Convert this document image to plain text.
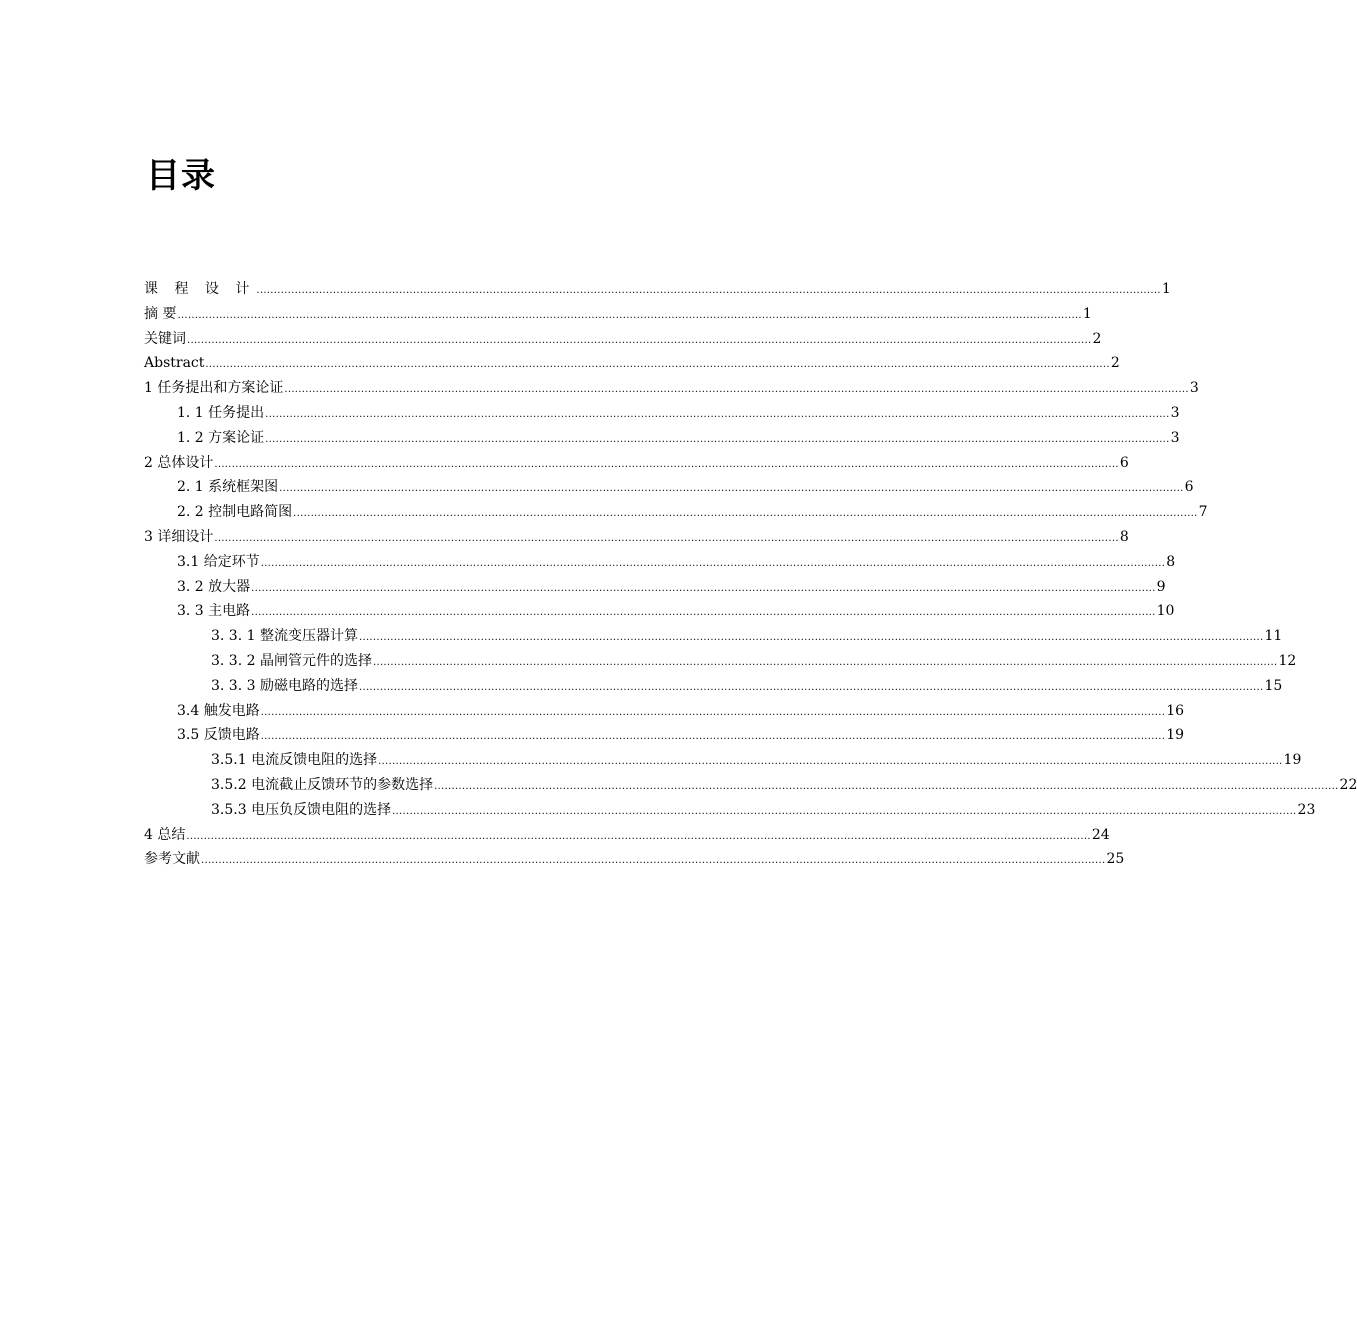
目录
课 程 设 计 .................................................................................................................................................................................................................................................................... 1
摘 要 .................................................................................................................................................................................................................................................................... 1
关键词 .................................................................................................................................................................................................................................................................... 2
Abstract .................................................................................................................................................................................................................................................................... 2
1 任务提出和方案论证 .................................................................................................................................................................................................................................................................... 3
1. 1 任务提出 .................................................................................................................................................................................................................................................................... 3
1. 2 方案论证 .................................................................................................................................................................................................................................................................... 3
2 总体设计 .................................................................................................................................................................................................................................................................... 6
2. 1 系统框架图 .................................................................................................................................................................................................................................................................... 6
2. 2 控制电路简图 .................................................................................................................................................................................................................................................................... 7
3 详细设计 .................................................................................................................................................................................................................................................................... 8
3.1 给定环节 .................................................................................................................................................................................................................................................................... 8
3. 2 放大器 .................................................................................................................................................................................................................................................................... 9
3. 3 主电路 .................................................................................................................................................................................................................................................................... 10
3. 3. 1 整流变压器计算 .................................................................................................................................................................................................................................................................... 11
3. 3. 2 晶闸管元件的选择 .................................................................................................................................................................................................................................................................... 12
3. 3. 3 励磁电路的选择 .................................................................................................................................................................................................................................................................... 15
3.4 触发电路 .................................................................................................................................................................................................................................................................... 16
3.5 反馈电路 .................................................................................................................................................................................................................................................................... 19
3.5.1 电流反馈电阻的选择 .................................................................................................................................................................................................................................................................... 19
3.5.2 电流截止反馈环节的参数选择 .................................................................................................................................................................................................................................................................... 22
3.5.3 电压负反馈电阻的选择 .................................................................................................................................................................................................................................................................... 23
4 总结 .................................................................................................................................................................................................................................................................... 24
参考文献 .................................................................................................................................................................................................................................................................... 25
